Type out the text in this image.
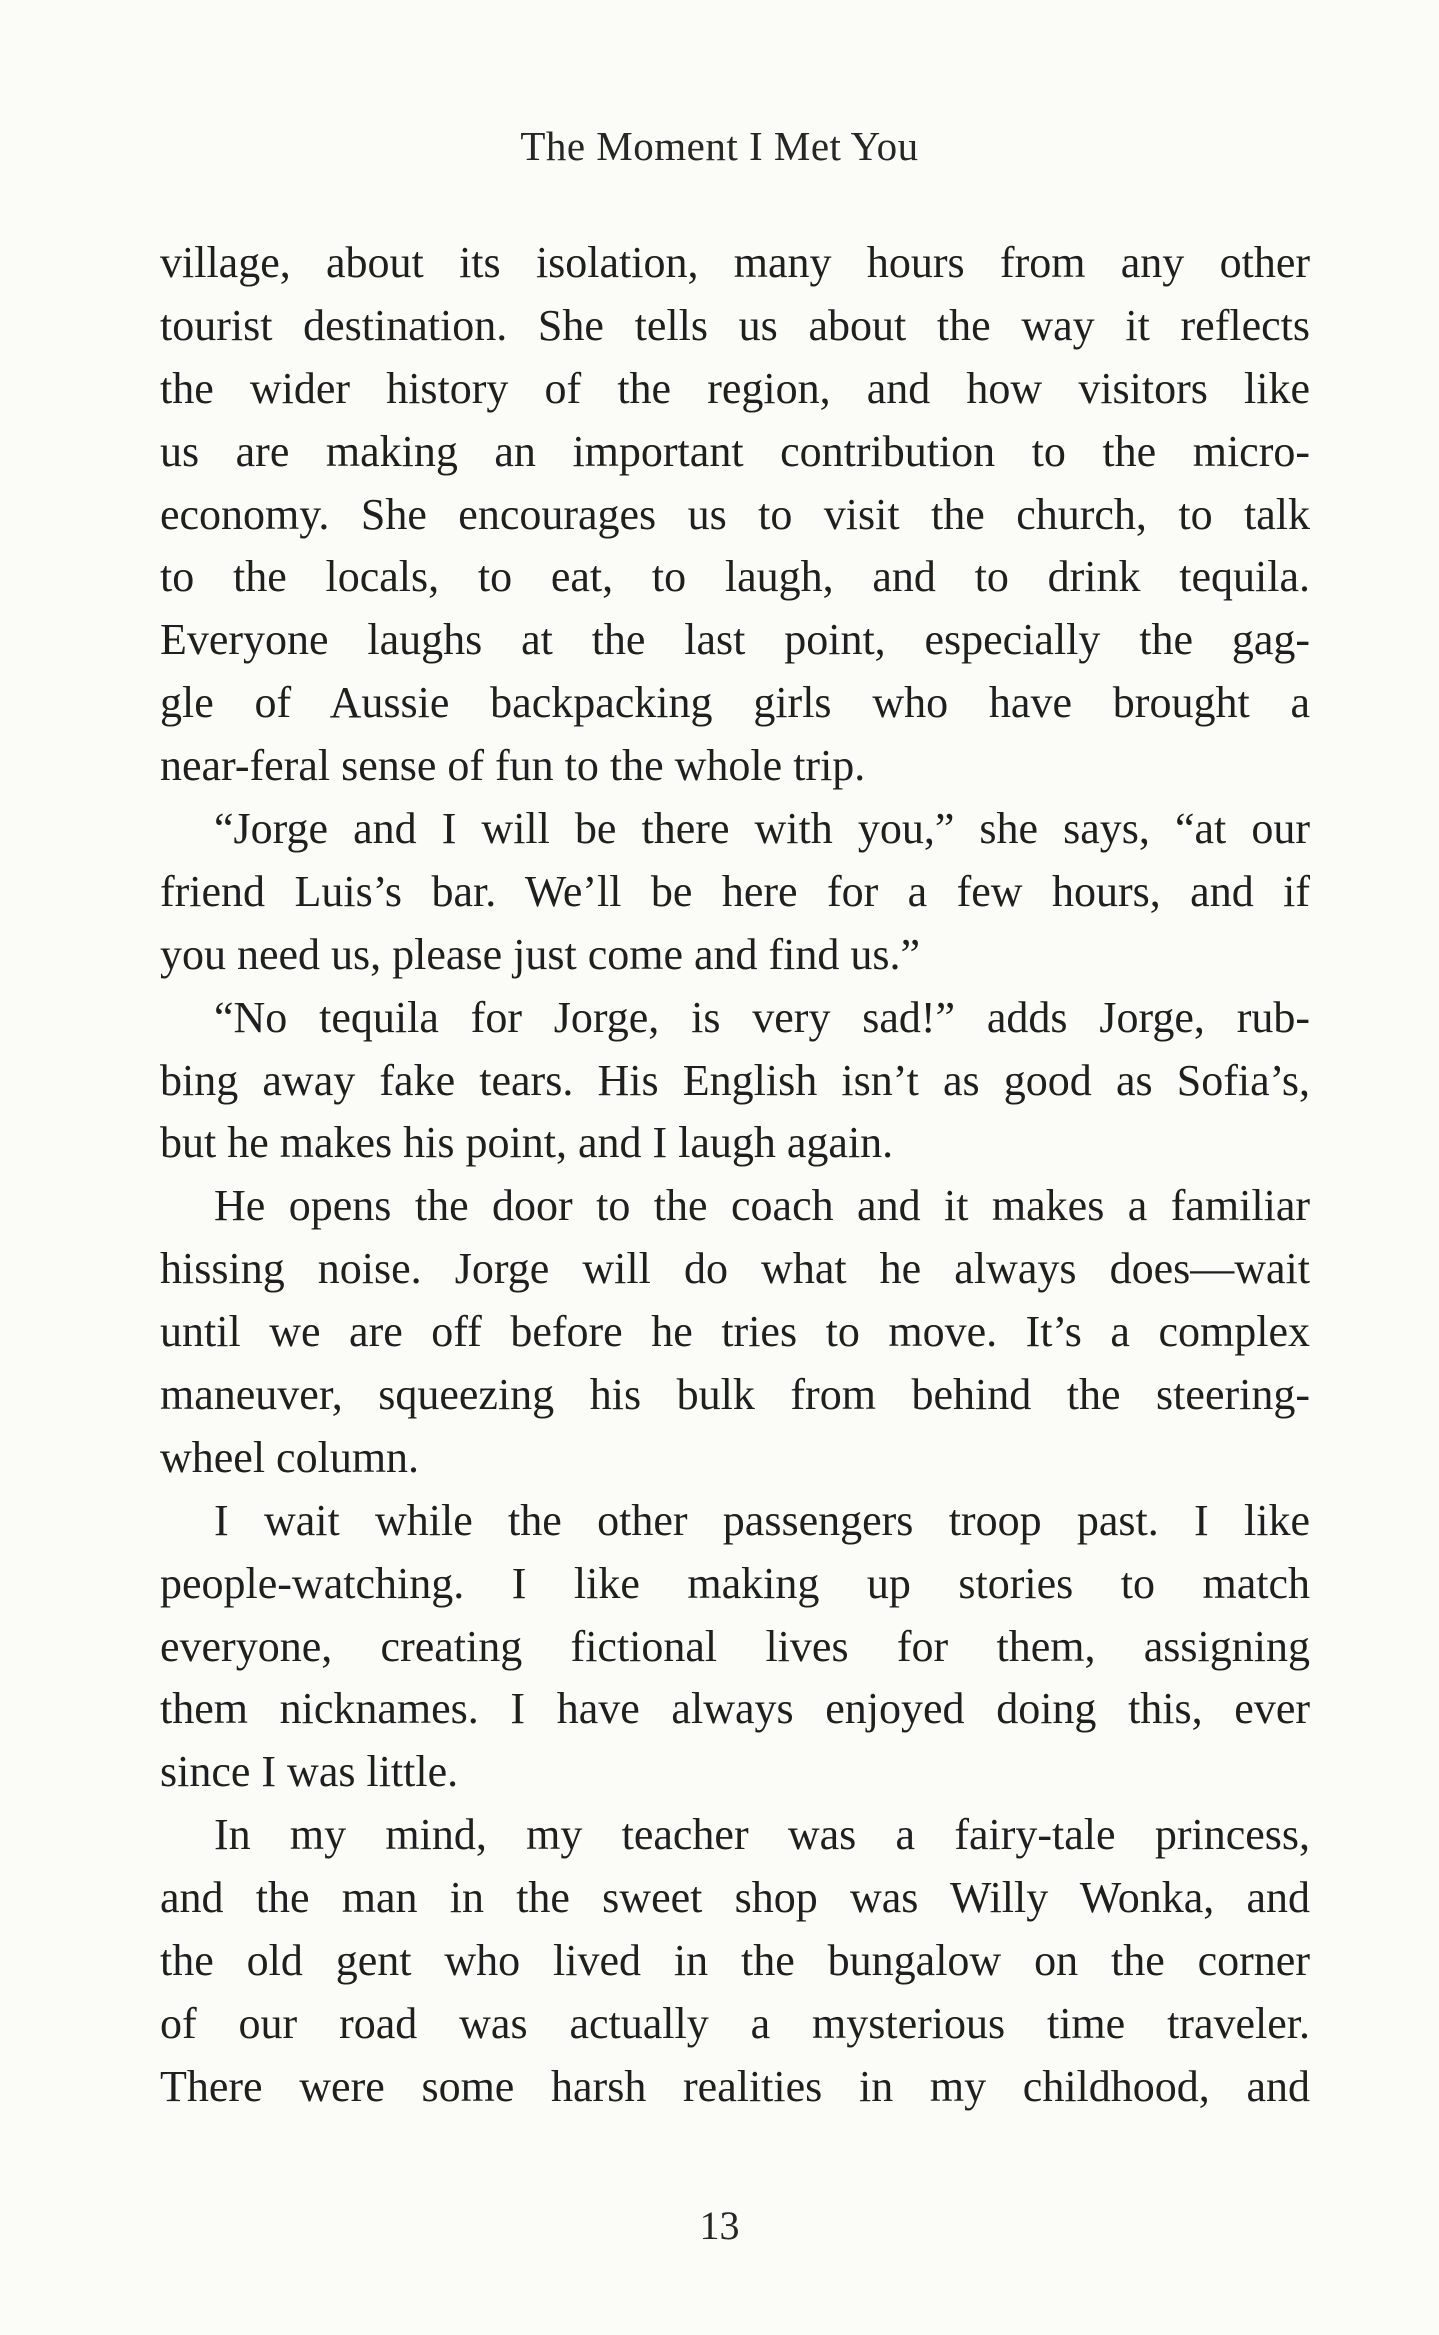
The Moment I Met You
village, about its isolation, many hours from any other
tourist destination. She tells us about the way it reflects
the wider history of the region, and how visitors like
us are making an important contribution to the micro-
economy. She encourages us to visit the church, to talk
to the locals, to eat, to laugh, and to drink tequila.
Everyone laughs at the last point, especially the gag-
gle of Aussie backpacking girls who have brought a
near-feral sense of fun to the whole trip.
“Jorge and I will be there with you,” she says, “at our
friend Luis’s bar. We’ll be here for a few hours, and if
you need us, please just come and find us.”
“No tequila for Jorge, is very sad!” adds Jorge, rub-
bing away fake tears. His English isn’t as good as Sofia’s,
but he makes his point, and I laugh again.
He opens the door to the coach and it makes a familiar
hissing noise. Jorge will do what he always does—wait
until we are off before he tries to move. It’s a complex
maneuver, squeezing his bulk from behind the steering-
wheel column.
I wait while the other passengers troop past. I like
people-watching. I like making up stories to match
everyone, creating fictional lives for them, assigning
them nicknames. I have always enjoyed doing this, ever
since I was little.
In my mind, my teacher was a fairy-tale princess,
and the man in the sweet shop was Willy Wonka, and
the old gent who lived in the bungalow on the corner
of our road was actually a mysterious time traveler.
There were some harsh realities in my childhood, and
13
